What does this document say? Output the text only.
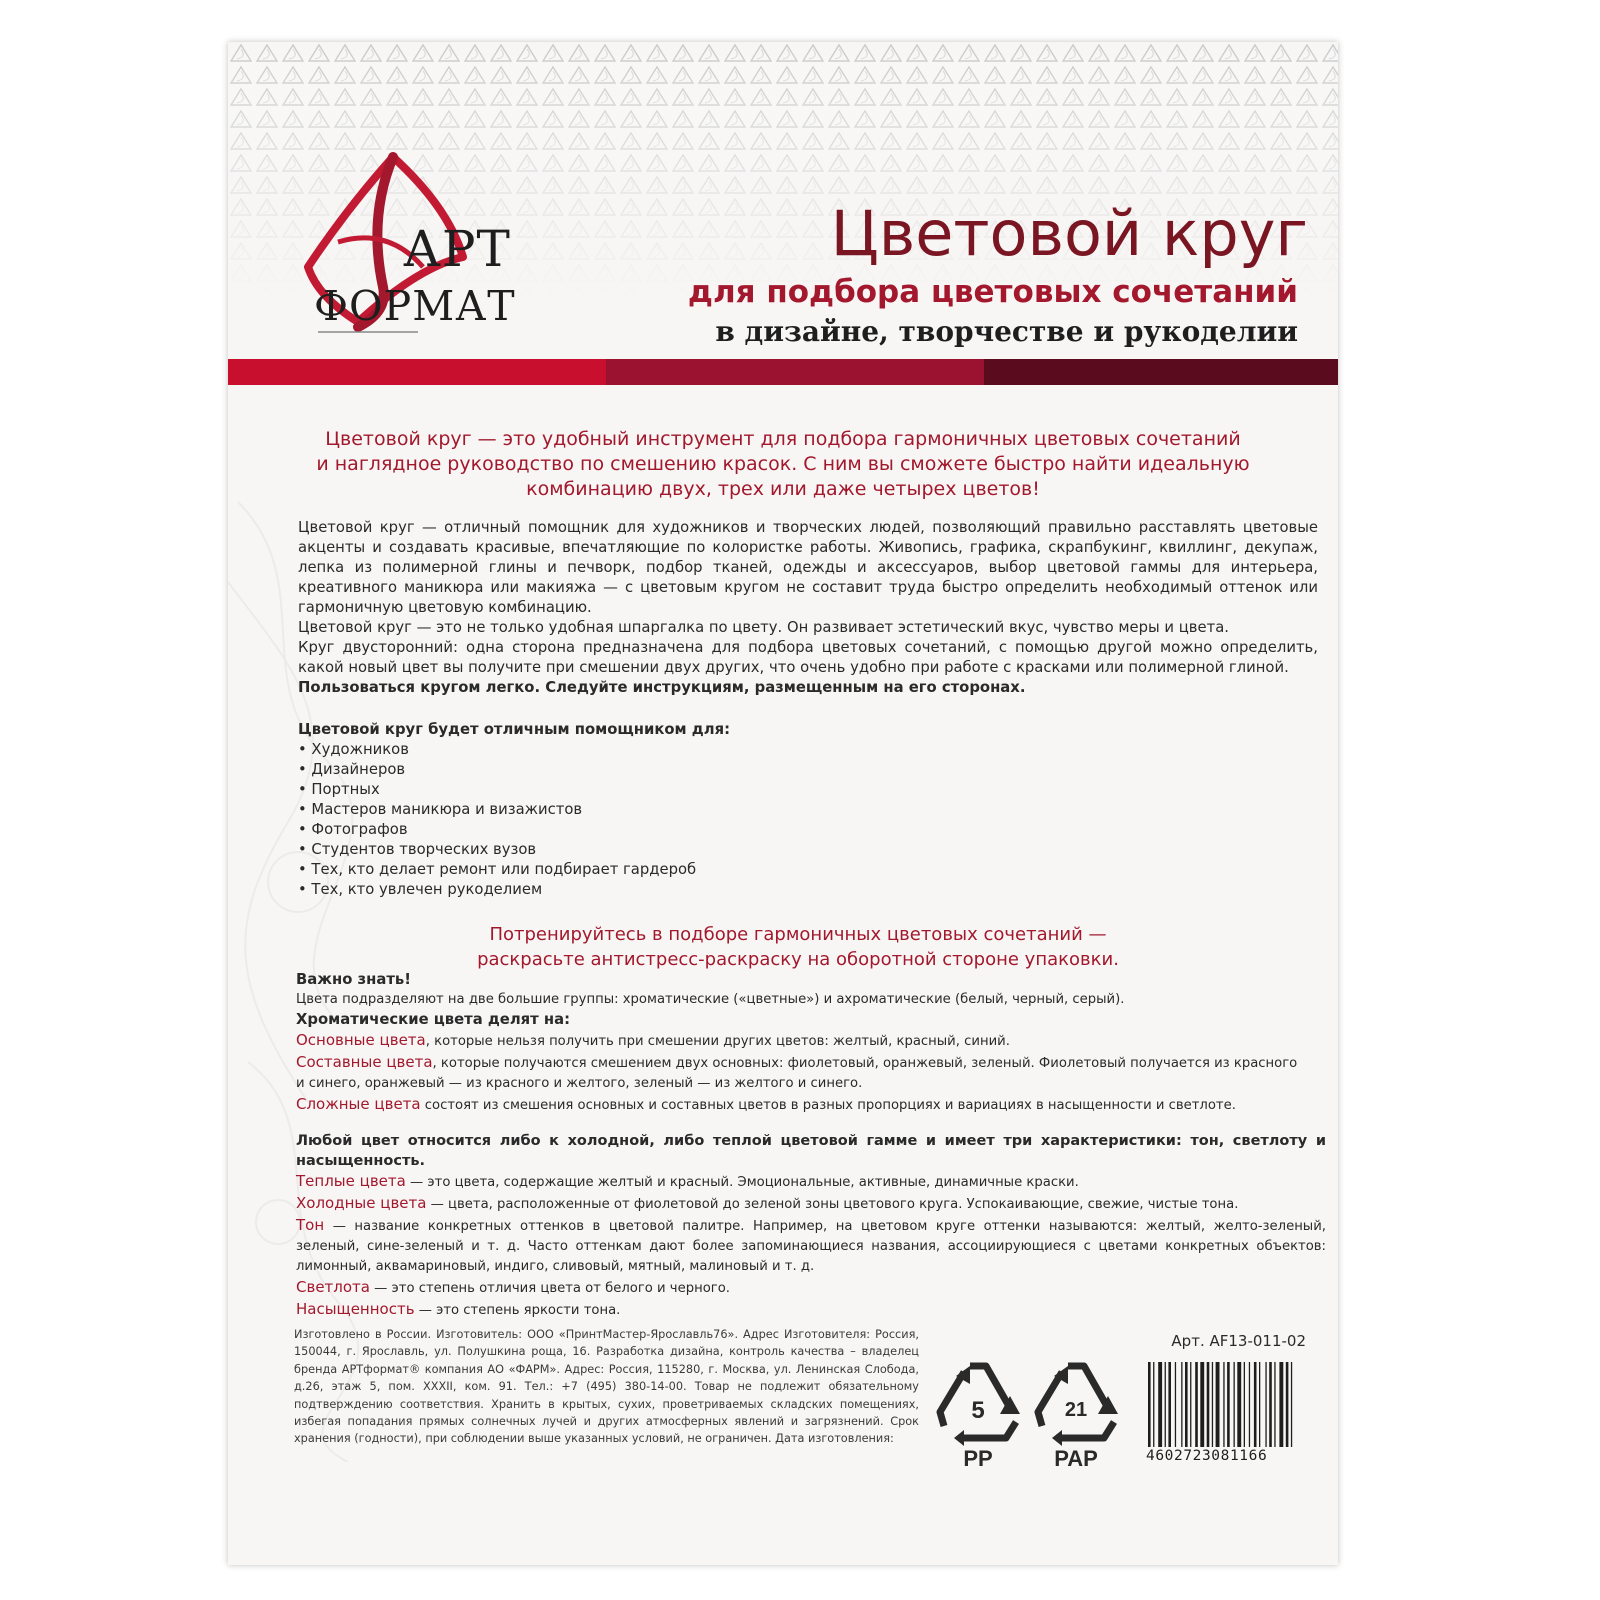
АРТ
ФОРМАТ
Цветовой круг
для подбора цветовых сочетаний
в дизайне, творчестве и рукоделии
Цветовой круг — это удобный инструмент для подбора гармоничных цветовых сочетаний
и наглядное руководство по смешению красок. С ним вы сможете быстро найти идеальную
комбинацию двух, трех или даже четырех цветов!

Цветовой круг — отличный помощник для художников и творческих людей, позволяющий правильно расставлять цветовые акценты и создавать красивые, впечатляющие по колористке работы. Живопись, графика, скрапбукинг, квиллинг, декупаж, лепка из полимерной глины и печворк, подбор тканей, одежды и аксессуаров, выбор цветовой гаммы для интерьера, креативного маникюра или макияжа — с цветовым кругом не составит труда быстро определить необходимый оттенок или гармоничную цветовую комбинацию.

Цветовой круг — это не только удобная шпаргалка по цвету. Он развивает эстетический вкус, чувство меры и цвета.

Круг двусторонний: одна сторона предназначена для подбора цветовых сочетаний, с помощью другой можно определить, какой новый цвет вы получите при смешении двух других, что очень удобно при работе с красками или полимерной глиной.

Пользоваться кругом легко. Следуйте инструкциям, размещенным на его сторонах.

Цветовой круг будет отличным помощником для:
• Художников
• Дизайнеров
• Портных
• Мастеров маникюра и визажистов
• Фотографов
• Студентов творческих вузов
• Тех, кто делает ремонт или подбирает гардероб
• Тех, кто увлечен рукоделием
Потренируйтесь в подборе гармоничных цветовых сочетаний —
раскрасьте антистресс-раскраску на оборотной стороне упаковки.

Важно знать!

Цвета подразделяют на две большие группы: хроматические («цветные») и ахроматические (белый, черный, серый).

Хроматические цвета делят на:

Основные цвета, которые нельзя получить при смешении других цветов: желтый, красный, синий.

Составные цвета, которые получаются смешением двух основных: фиолетовый, оранжевый, зеленый. Фиолетовый получается из красного

и синего, оранжевый — из красного и желтого, зеленый — из желтого и синего.

Сложные цвета состоят из смешения основных и составных цветов в разных пропорциях и вариациях в насыщенности и светлоте.

Любой цвет относится либо к холодной, либо теплой цветовой гамме и имеет три характеристики: тон, светлоту и насыщенность.

Теплые цвета — это цвета, содержащие желтый и красный. Эмоциональные, активные, динамичные краски.

Холодные цвета — цвета, расположенные от фиолетовой до зеленой зоны цветового круга. Успокаивающие, свежие, чистые тона.

Тон — название конкретных оттенков в цветовой палитре. Например, на цветовом круге оттенки называются: желтый, желто-зеленый, зеленый, сине-зеленый и т. д. Часто оттенкам дают более запоминающиеся названия, ассоциирующиеся с цветами конкретных объектов: лимонный, аквамариновый, индиго, сливовый, мятный, малиновый и т. д.

Светлота — это степень отличия цвета от белого и черного.

Насыщенность — это степень яркости тона.

Изготовлено в России. Изготовитель: ООО «ПринтМастер-Ярославль76». Адрес Изготовителя: Россия, 150044, г. Ярославль, ул. Полушкина роща, 16. Разработка дизайна, контроль качества – владелец бренда АРТформат® компания АО «ФАРМ». Адрес: Россия, 115280, г. Москва, ул. Ленинская Слобода, д.26, этаж 5, пом. XXXII, ком. 91. Тел.: +7 (495) 380-14-00. Товар не подлежит обязательному подтверждению соответствия. Хранить в крытых, сухих, проветриваемых складских помещениях, избегая попадания прямых солнечных лучей и других атмосферных явлений и загрязнений. Срок хранения (годности), при соблюдении выше указанных условий, не ограничен. Дата изготовления:
5
PP
21
PAP
Арт. AF13-011-02
4602723081166
